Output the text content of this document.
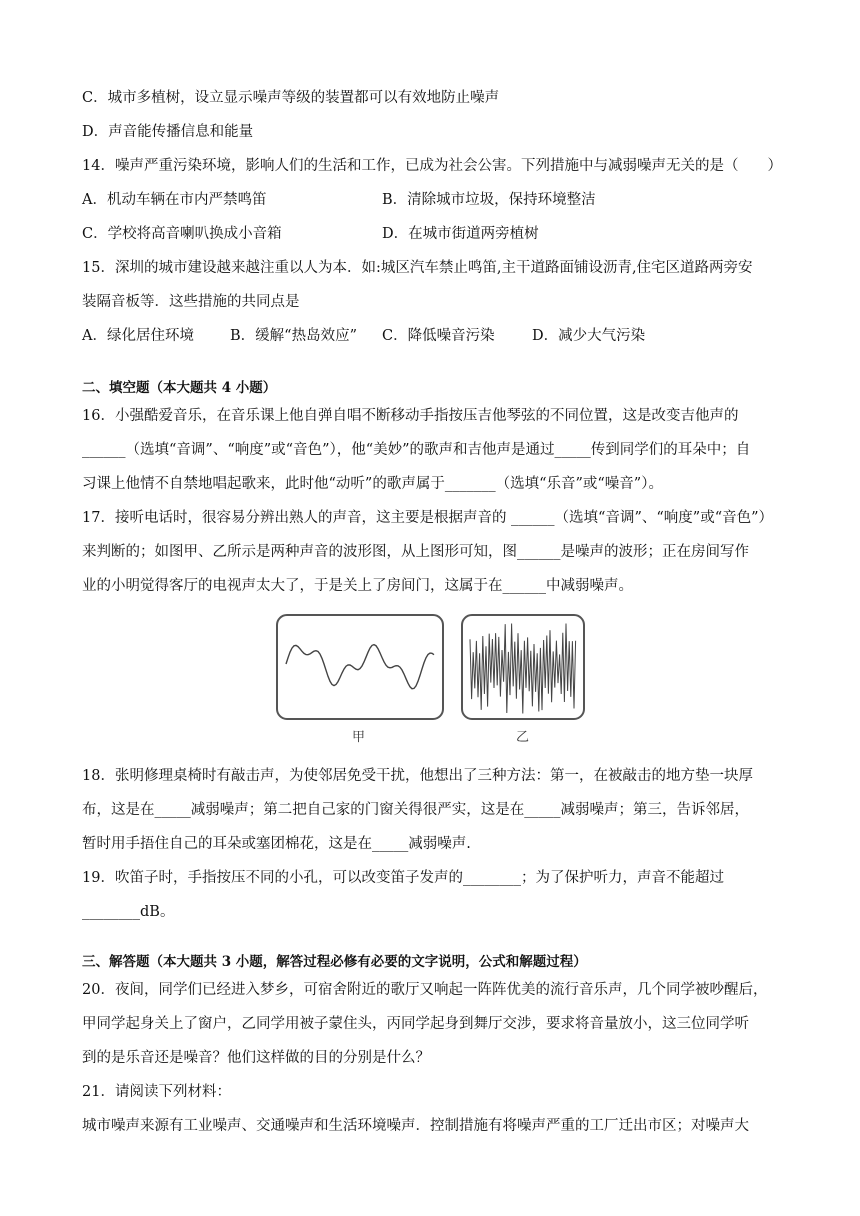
C．城市多植树，设立显示噪声等级的装置都可以有效地防止噪声
D．声音能传播信息和能量
14．噪声严重污染环境，影响人们的生活和工作，已成为社会公害。下列措施中与减弱噪声无关的是（　　）
A．机动车辆在市内严禁鸣笛	B．清除城市垃圾，保持环境整洁
C．学校将高音喇叭换成小音箱	D．在城市街道两旁植树
15．深圳的城市建设越来越注重以人为本．如:城区汽车禁止鸣笛,主干道路面铺设沥青,住宅区道路两旁安
装隔音板等．这些措施的共同点是
A．绿化居住环境 B．缓解“热岛效应” C．降低噪音污染	D．减少大气污染
二、填空题（本大题共 4 小题）
16．小强酷爱音乐，在音乐课上他自弹自唱不断移动手指按压吉他琴弦的不同位置，这是改变吉他声的
______（选填“音调”、“响度”或“音色”），他“美妙”的歌声和吉他声是通过_____传到同学们的耳朵中；自
习课上他情不自禁地唱起歌来，此时他“动听”的歌声属于_______（选填“乐音”或“噪音”）。
17．接听电话时，很容易分辨出熟人的声音，这主要是根据声音的 ______（选填“音调”、“响度”或“音色”）
来判断的；如图甲、乙所示是两种声音的波形图，从上图形可知，图______是噪声的波形；正在房间写作
业的小明觉得客厅的电视声太大了，于是关上了房间门，这属于在______中减弱噪声。
甲	乙
18．张明修理桌椅时有敲击声，为使邻居免受干扰，他想出了三种方法：第一，在被敲击的地方垫一块厚
布，这是在_____减弱噪声；第二把自己家的门窗关得很严实，这是在_____减弱噪声；第三，告诉邻居，
暂时用手捂住自己的耳朵或塞团棉花，这是在_____减弱噪声.
19．吹笛子时，手指按压不同的小孔，可以改变笛子发声的________；为了保护听力，声音不能超过
________dB。
三、解答题（本大题共 3 小题，解答过程必修有必要的文字说明，公式和解题过程）
20．夜间，同学们已经进入梦乡，可宿舍附近的歌厅又响起一阵阵优美的流行音乐声，几个同学被吵醒后，
甲同学起身关上了窗户，乙同学用被子蒙住头，丙同学起身到舞厅交涉，要求将音量放小，这三位同学听
到的是乐音还是噪音？他们这样做的目的分别是什么？
21．请阅读下列材料：
城市噪声来源有工业噪声、交通噪声和生活环境噪声．控制措施有将噪声严重的工厂迁出市区；对噪声大
